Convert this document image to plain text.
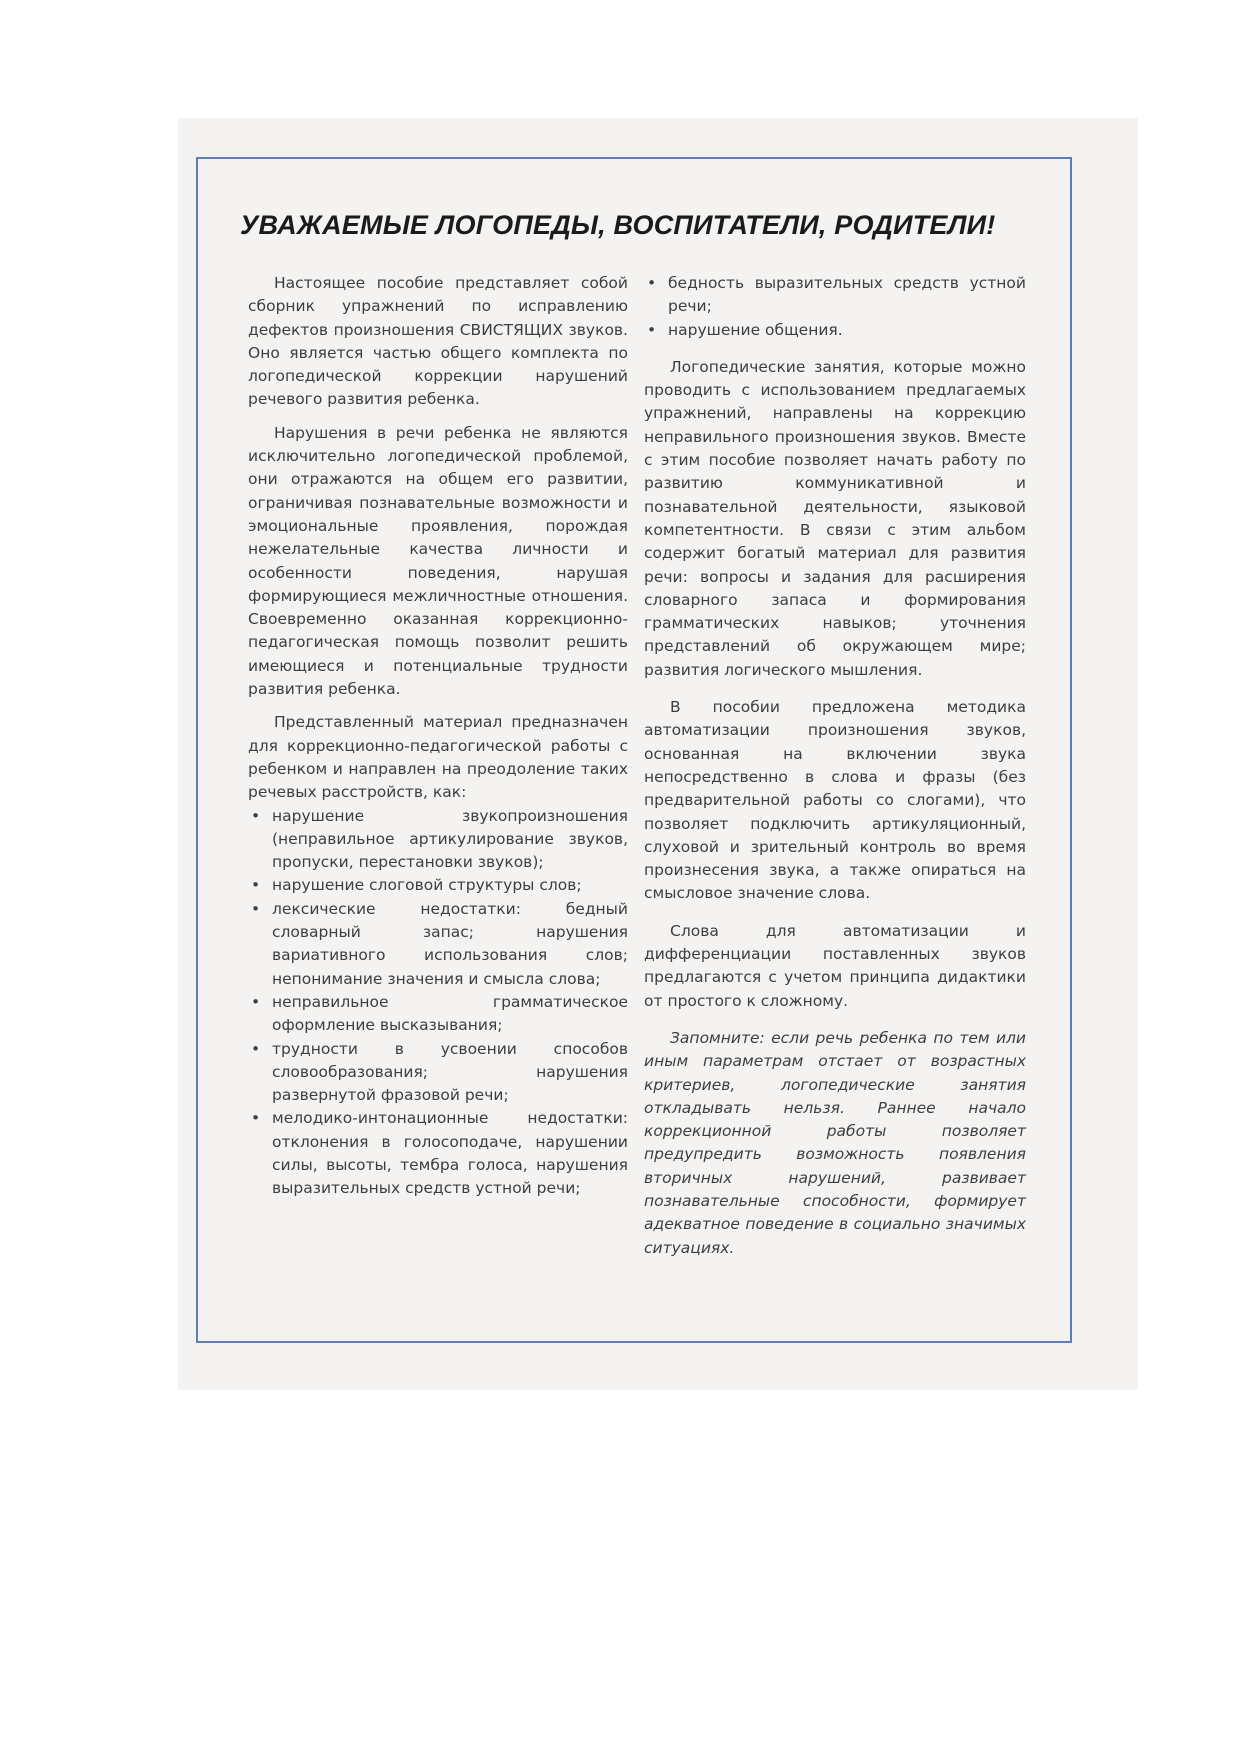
УВАЖАЕМЫЕ ЛОГОПЕДЫ, ВОСПИТАТЕЛИ, РОДИТЕЛИ!

Настоящее пособие представляет собой сборник упражнений по исправлению дефектов произношения СВИСТЯЩИХ звуков. Оно является частью общего комплекта по логопедической коррекции нарушений речевого развития ребенка.

Нарушения в речи ребенка не являются исключительно логопедической проблемой, они отражаются на общем его развитии, ограничивая познавательные возможности и эмоциональные проявления, порождая нежелательные качества личности и особенности поведения, нарушая формирующиеся межличностные отношения. Своевременно оказанная коррекционно-педагогическая помощь позволит решить имеющиеся и потенциальные трудности развития ребенка.

Представленный материал предназначен для коррекционно-педагогической работы с ребенком и направлен на преодоление таких речевых расстройств, как:

• нарушение звукопроизношения (неправильное артикулирование звуков, пропуски, перестановки звуков);
• нарушение слоговой структуры слов;
• лексические недостатки: бедный словарный запас; нарушения вариативного использования слов; непонимание значения и смысла слова;
• неправильное грамматическое оформление высказывания;
• трудности в усвоении способов словообразования; нарушения развернутой фразовой речи;
• мелодико-интонационные недостатки: отклонения в голосоподаче, нарушении силы, высоты, тембра голоса, нарушения выразительных средств устной речи;
• бедность выразительных средств устной речи;
• нарушение общения.

Логопедические занятия, которые можно проводить с использованием предлагаемых упражнений, направлены на коррекцию неправильного произношения звуков. Вместе с этим пособие позволяет начать работу по развитию коммуникативной и познавательной деятельности, языковой компетентности. В связи с этим альбом содержит богатый материал для развития речи: вопросы и задания для расширения словарного запаса и формирования грамматических навыков; уточнения представлений об окружающем мире; развития логического мышления.

В пособии предложена методика автоматизации произношения звуков, основанная на включении звука непосредственно в слова и фразы (без предварительной работы со слогами), что позволяет подключить артикуляционный, слуховой и зрительный контроль во время произнесения звука, а также опираться на смысловое значение слова.

Слова для автоматизации и дифференциации поставленных звуков предлагаются с учетом принципа дидактики от простого к сложному.

Запомните: если речь ребенка по тем или иным параметрам отстает от возрастных критериев, логопедические занятия откладывать нельзя. Раннее начало коррекционной работы позволяет предупредить возможность появления вторичных нарушений, развивает познавательные способности, формирует адекватное поведение в социально значимых ситуациях.
